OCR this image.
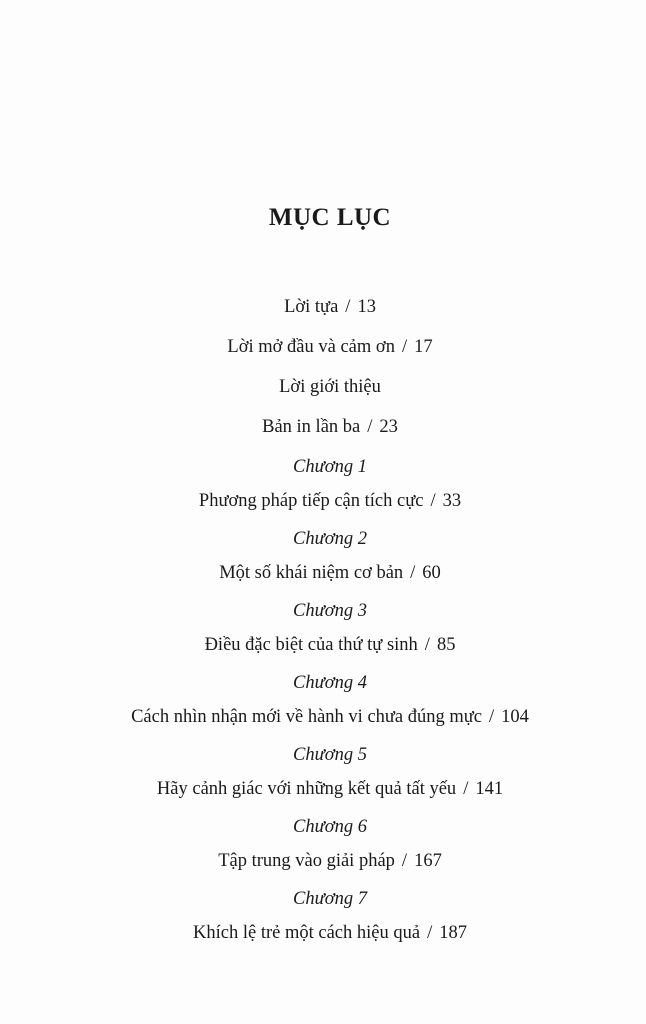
MỤC LỤC
Lời tựa / 13
Lời mở đầu và cảm ơn / 17
Lời giới thiệu
Bản in lần ba / 23
Chương 1
Phương pháp tiếp cận tích cực / 33
Chương 2
Một số khái niệm cơ bản / 60
Chương 3
Điều đặc biệt của thứ tự sinh / 85
Chương 4
Cách nhìn nhận mới về hành vi chưa đúng mực / 104
Chương 5
Hãy cảnh giác với những kết quả tất yếu / 141
Chương 6
Tập trung vào giải pháp / 167
Chương 7
Khích lệ trẻ một cách hiệu quả / 187
